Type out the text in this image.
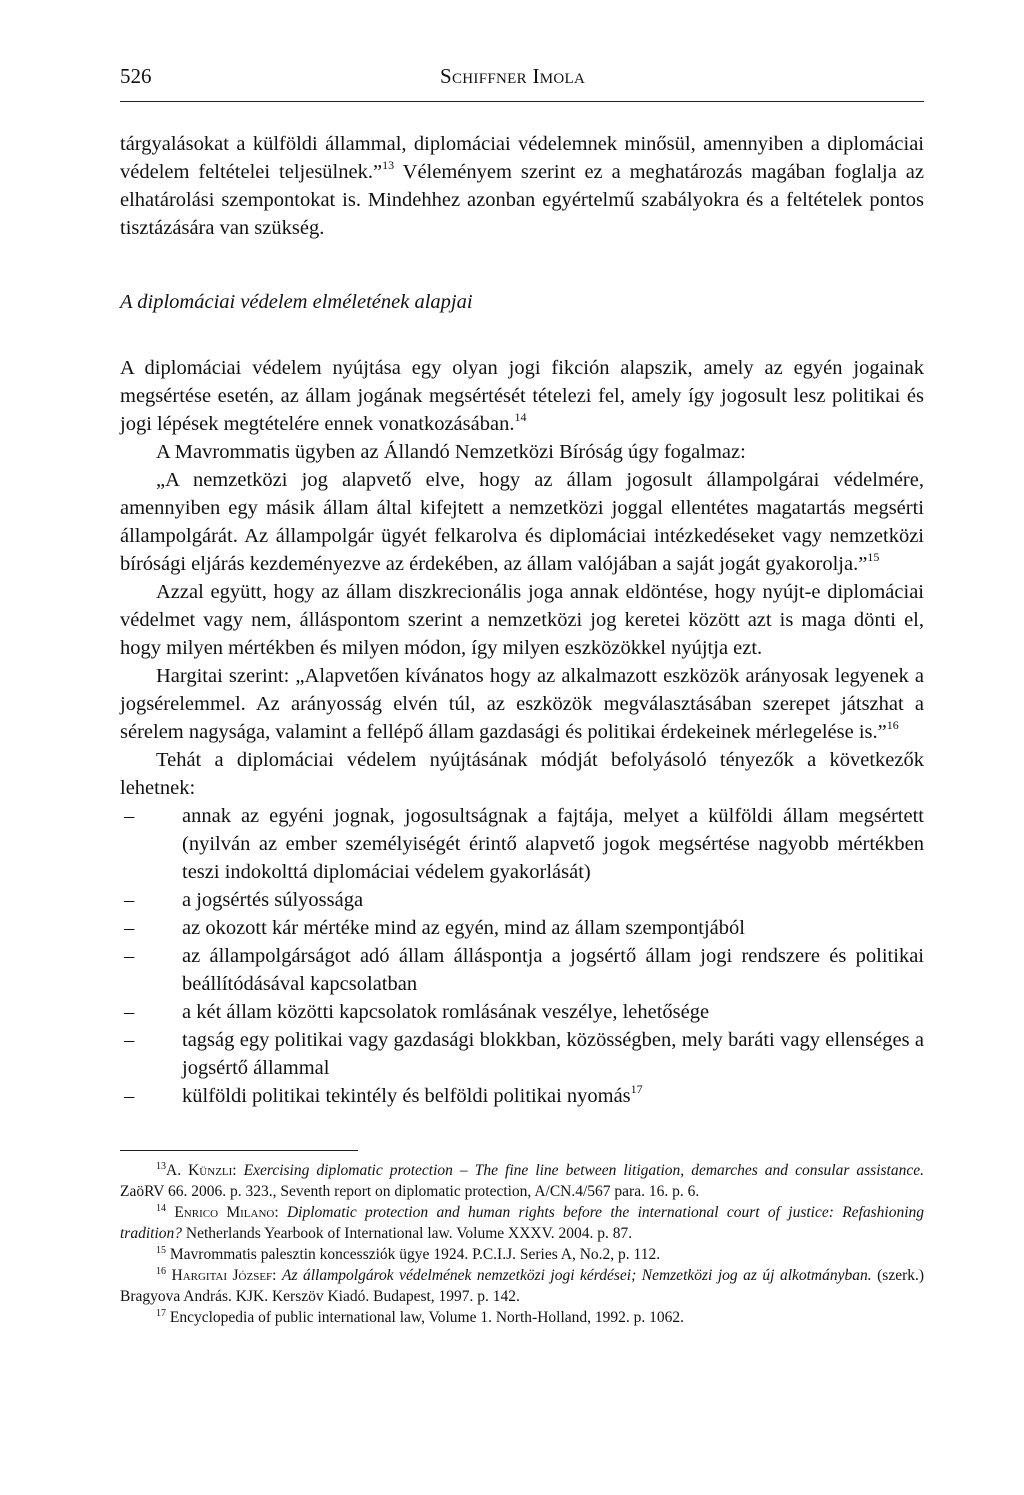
526	Schiffner Imola

tárgyalásokat a külföldi állammal, diplomáciai védelemnek minősül, amennyiben a diplomáciai védelem feltételei teljesülnek.”$^{13}$ Véleményem szerint ez a meghatározás magában foglalja az elhatárolási szempontokat is. Mindehhez azonban egyértelmű szabályokra és a feltételek pontos tisztázására van szükség.

A diplomáciai védelem elméletének alapjai

A diplomáciai védelem nyújtása egy olyan jogi fikción alapszik, amely az egyén jogainak megsértése esetén, az állam jogának megsértését tételezi fel, amely így jogosult lesz politikai és jogi lépések megtételére ennek vonatkozásában.$^{14}$

A Mavrommatis ügyben az Állandó Nemzetközi Bíróság úgy fogalmaz:

„A nemzetközi jog alapvető elve, hogy az állam jogosult állampolgárai védelmére, amennyiben egy másik állam által kifejtett a nemzetközi joggal ellentétes magatartás megsérti állampolgárát. Az állampolgár ügyét felkarolva és diplomáciai intézkedéseket vagy nemzetközi bírósági eljárás kezdeményezve az érdekében, az állam valójában a saját jogát gyakorolja.”$^{15}$

Azzal együtt, hogy az állam diszkrecionális joga annak eldöntése, hogy nyújt-e diplomáciai védelmet vagy nem, álláspontom szerint a nemzetközi jog keretei között azt is maga dönti el, hogy milyen mértékben és milyen módon, így milyen eszközökkel nyújtja ezt.

Hargitai szerint: „Alapvetően kívánatos hogy az alkalmazott eszközök arányosak legyenek a jogsérelemmel. Az arányosság elvén túl, az eszközök megválasztásában szerepet játszhat a sérelem nagysága, valamint a fellépő állam gazdasági és politikai érdekeinek mérlegelése is.”$^{16}$

Tehát a diplomáciai védelem nyújtásának módját befolyásoló tényezők a következők lehetnek:

– annak az egyéni jognak, jogosultságnak a fajtája, melyet a külföldi állam megsértett (nyilván az ember személyiségét érintő alapvető jogok megsértése nagyobb mértékben teszi indokolttá diplomáciai védelem gyakorlását)
– a jogsértés súlyossága
– az okozott kár mértéke mind az egyén, mind az állam szempontjából
– az állampolgárságot adó állam álláspontja a jogsértő állam jogi rendszere és politikai beállítódásával kapcsolatban
– a két állam közötti kapcsolatok romlásának veszélye, lehetősége
– tagság egy politikai vagy gazdasági blokkban, közösségben, mely baráti vagy ellenséges a jogsértő állammal
– külföldi politikai tekintély és belföldi politikai nyomás$^{17}$

$^{13}$A. Künzli: Exercising diplomatic protection – The fine line between litigation, demarches and consular assistance. ZaöRV 66. 2006. p. 323., Seventh report on diplomatic protection, A/CN.4/567 para. 16. p. 6.

$^{14}$ Enrico Milano: Diplomatic protection and human rights before the international court of justice: Refashioning tradition? Netherlands Yearbook of International law. Volume XXXV. 2004. p. 87.

$^{15}$ Mavrommatis palesztin koncessziók ügye 1924. P.C.I.J. Series A, No.2, p. 112.

$^{16}$ Hargitai József: Az állampolgárok védelmének nemzetközi jogi kérdései; Nemzetközi jog az új alkotmányban. (szerk.) Bragyova András. KJK. Kerszöv Kiadó. Budapest, 1997. p. 142.

$^{17}$ Encyclopedia of public international law, Volume 1. North-Holland, 1992. p. 1062.
